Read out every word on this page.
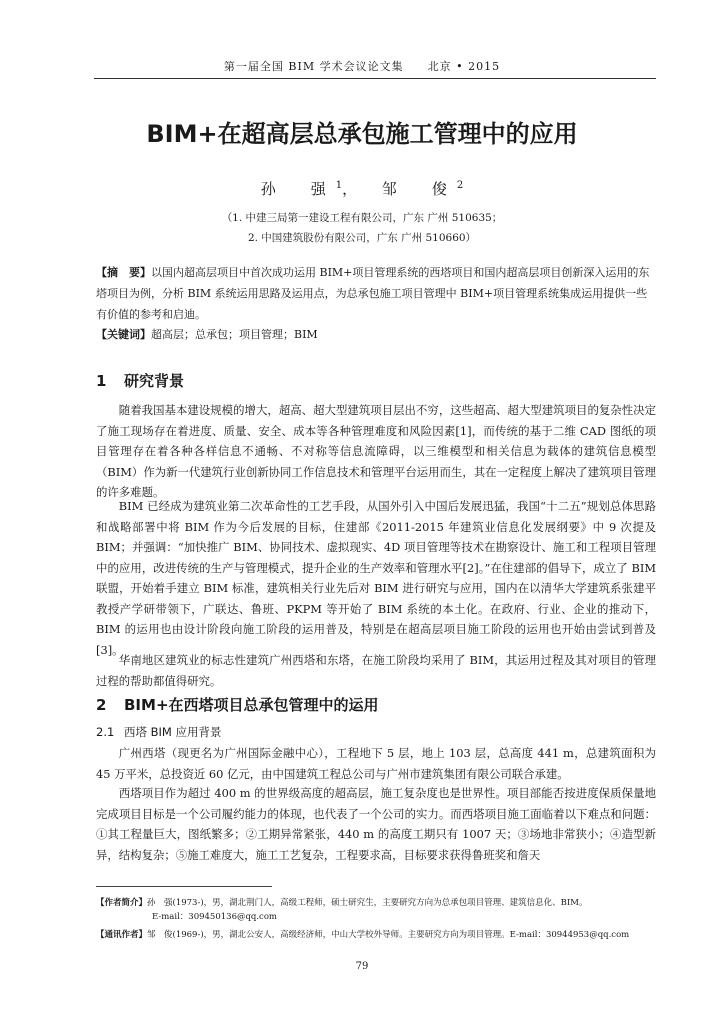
第一届全国 BIM 学术会议论文集　　北京 • 2015
BIM+在超高层总承包施工管理中的应用
孙　强$^1$， 邹　俊$^2$
（1. 中建三局第一建设工程有限公司，广东 广州 510635；
2. 中国建筑股份有限公司，广东 广州 510660）
【摘　要】以国内超高层项目中首次成功运用 BIM+项目管理系统的西塔项目和国内超高层项目创新深入运用的东塔项目为例，分析 BIM 系统运用思路及运用点，为总承包施工项目管理中 BIM+项目管理系统集成运用提供一些有价值的参考和启迪。
【关键词】超高层；总承包；项目管理；BIM
1 研究背景

随着我国基本建设规模的增大，超高、超大型建筑项目层出不穷，这些超高、超大型建筑项目的复杂性决定了施工现场存在着进度、质量、安全、成本等各种管理难度和风险因素[1]，而传统的基于二维 CAD 图纸的项目管理存在着各种各样信息不通畅、不对称等信息流障碍，以三维模型和相关信息为载体的建筑信息模型（BIM）作为新一代建筑行业创新协同工作信息技术和管理平台运用而生，其在一定程度上解决了建筑项目管理的许多难题。

BIM 已经成为建筑业第二次革命性的工艺手段，从国外引入中国后发展迅猛，我国“十二五”规划总体思路和战略部署中将 BIM 作为今后发展的目标，住建部《2011-2015 年建筑业信息化发展纲要》中 9 次提及 BIM；并强调：“加快推广 BIM、协同技术、虚拟现实、4D 项目管理等技术在勘察设计、施工和工程项目管理中的应用，改进传统的生产与管理模式，提升企业的生产效率和管理水平[2]。”在住建部的倡导下，成立了 BIM 联盟，开始着手建立 BIM 标准，建筑相关行业先后对 BIM 进行研究与应用，国内在以清华大学建筑系张建平教授产学研带领下，广联达、鲁班、PKPM 等开始了 BIM 系统的本土化。在政府、行业、企业的推动下，BIM 的运用也由设计阶段向施工阶段的运用普及，特别是在超高层项目施工阶段的运用也开始由尝试到普及[3]。

华南地区建筑业的标志性建筑广州西塔和东塔，在施工阶段均采用了 BIM，其运用过程及其对项目的管理过程的帮助都值得研究。

2 BIM+在西塔项目总承包管理中的运用
2.1 西塔 BIM 应用背景

广州西塔（现更名为广州国际金融中心），工程地下 5 层，地上 103 层，总高度 441 m，总建筑面积为 45 万平米，总投资近 60 亿元，由中国建筑工程总公司与广州市建筑集团有限公司联合承建。

西塔项目作为超过 400 m 的世界级高度的超高层，施工复杂度也是世界性。项目部能否按进度保质保量地完成项目目标是一个公司履约能力的体现，也代表了一个公司的实力。而西塔项目施工面临着以下难点和问题：①其工程量巨大，图纸繁多；②工期异常紧张，440 m 的高度工期只有 1007 天；③场地非常狭小；④造型新异，结构复杂；⑤施工难度大，施工工艺复杂，工程要求高，目标要求获得鲁班奖和詹天

【作者简介】孙　强(1973-)，男，湖北荆门人，高级工程师，硕士研究生，主要研究方向为总承包项目管理、建筑信息化、BIM。
E-mail：309450136@qq.com
【通讯作者】邹　俊(1969-)，男，湖北公安人，高级经济师，中山大学校外导师。主要研究方向为项目管理。E-mail：30944953@qq.com
79
